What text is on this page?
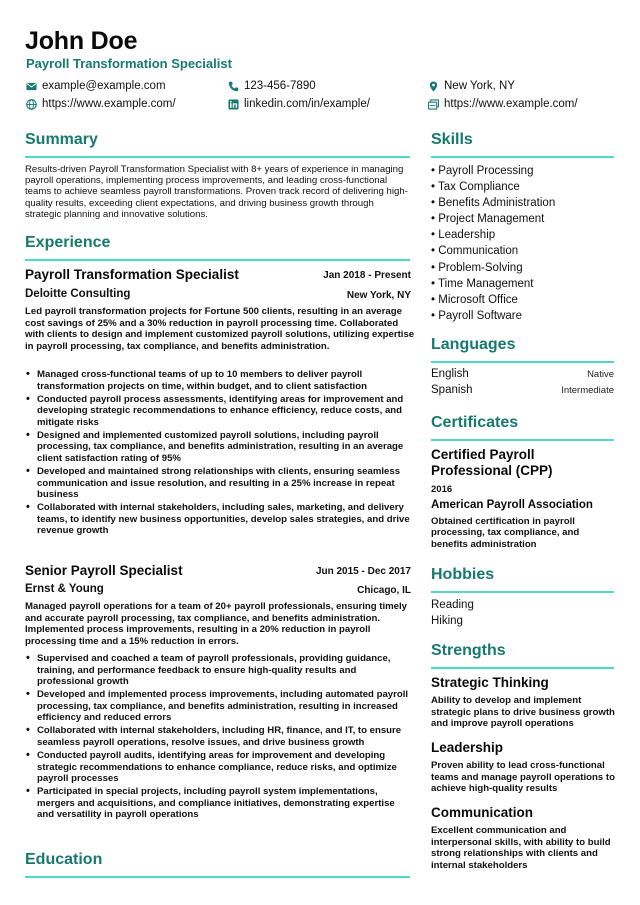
John Doe
Payroll Transformation Specialist
example@example.com	123-456-7890	New York, NY
https://www.example.com/	linkedin.com/in/example/	https://www.example.com/
Summary
Results-driven Payroll Transformation Specialist with 8+ years of experience in managing payroll operations, implementing process improvements, and leading cross-functional teams to achieve seamless payroll transformations. Proven track record of delivering high-quality results, exceeding client expectations, and driving business growth through strategic planning and innovative solutions.
Experience
Payroll Transformation Specialist	Jan 2018 - Present
Deloitte Consulting	New York, NY
Led payroll transformation projects for Fortune 500 clients, resulting in an average cost savings of 25% and a 30% reduction in payroll processing time. Collaborated with clients to design and implement customized payroll solutions, utilizing expertise in payroll processing, tax compliance, and benefits administration.
• Managed cross-functional teams of up to 10 members to deliver payroll transformation projects on time, within budget, and to client satisfaction
• Conducted payroll process assessments, identifying areas for improvement and developing strategic recommendations to enhance efficiency, reduce costs, and mitigate risks
• Designed and implemented customized payroll solutions, including payroll processing, tax compliance, and benefits administration, resulting in an average client satisfaction rating of 95%
• Developed and maintained strong relationships with clients, ensuring seamless communication and issue resolution, and resulting in a 25% increase in repeat business
• Collaborated with internal stakeholders, including sales, marketing, and delivery teams, to identify new business opportunities, develop sales strategies, and drive revenue growth
Senior Payroll Specialist	Jun 2015 - Dec 2017
Ernst & Young	Chicago, IL
Managed payroll operations for a team of 20+ payroll professionals, ensuring timely and accurate payroll processing, tax compliance, and benefits administration. Implemented process improvements, resulting in a 20% reduction in payroll processing time and a 15% reduction in errors.
• Supervised and coached a team of payroll professionals, providing guidance, training, and performance feedback to ensure high-quality results and professional growth
• Developed and implemented process improvements, including automated payroll processing, tax compliance, and benefits administration, resulting in increased efficiency and reduced errors
• Collaborated with internal stakeholders, including HR, finance, and IT, to ensure seamless payroll operations, resolve issues, and drive business growth
• Conducted payroll audits, identifying areas for improvement and developing strategic recommendations to enhance compliance, reduce risks, and optimize payroll processes
• Participated in special projects, including payroll system implementations, mergers and acquisitions, and compliance initiatives, demonstrating expertise and versatility in payroll operations
Education
Skills
• Payroll Processing
• Tax Compliance
• Benefits Administration
• Project Management
• Leadership
• Communication
• Problem-Solving
• Time Management
• Microsoft Office
• Payroll Software
Languages
English	Native
Spanish	Intermediate
Certificates
Certified Payroll Professional (CPP)
2016
American Payroll Association
Obtained certification in payroll processing, tax compliance, and benefits administration
Hobbies
Reading
Hiking
Strengths
Strategic Thinking
Ability to develop and implement strategic plans to drive business growth and improve payroll operations
Leadership
Proven ability to lead cross-functional teams and manage payroll operations to achieve high-quality results
Communication
Excellent communication and interpersonal skills, with ability to build strong relationships with clients and internal stakeholders
